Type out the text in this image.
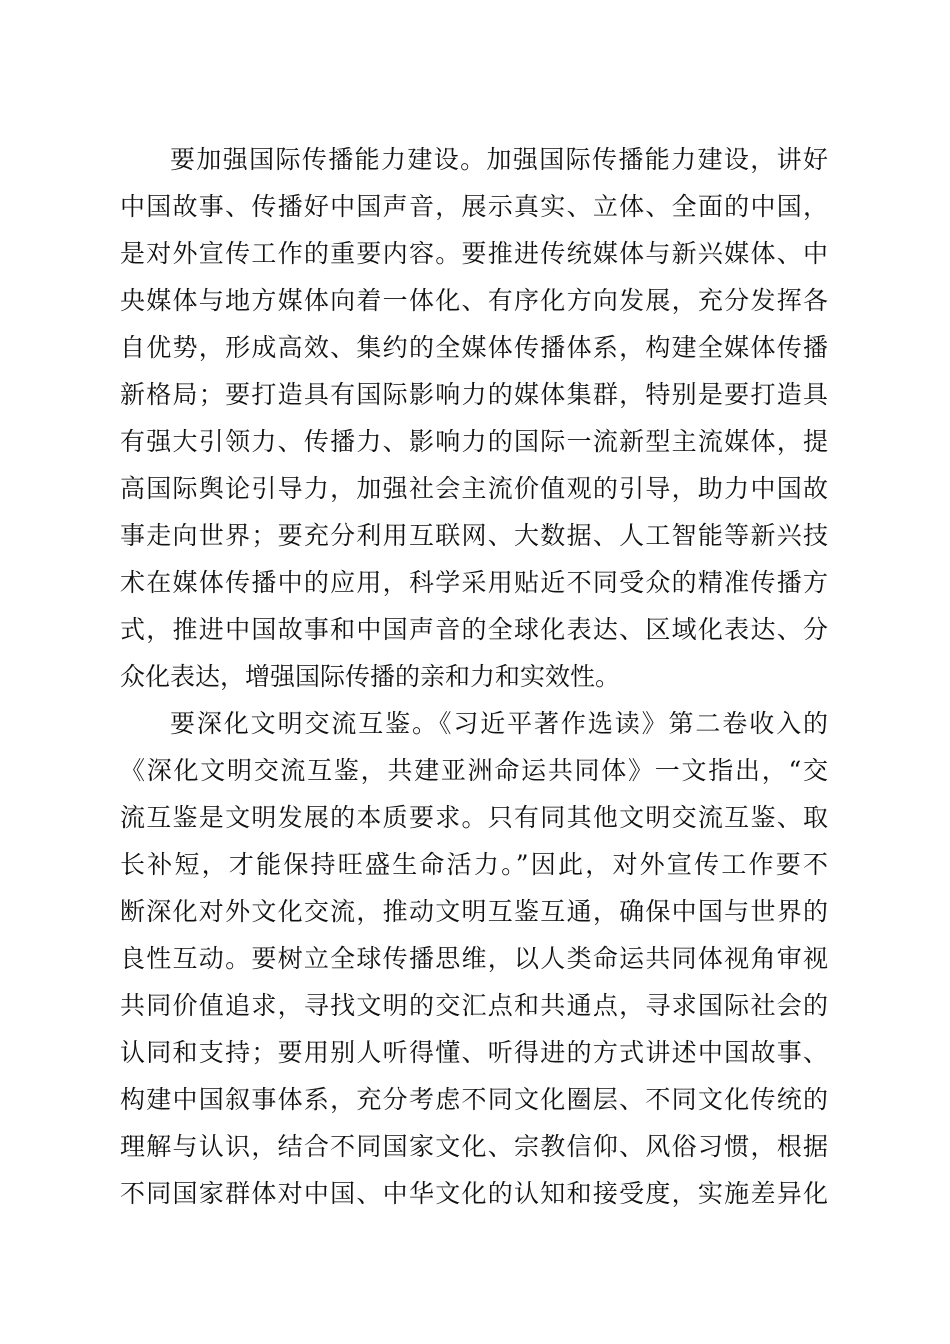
要加强国际传播能力建设。加强国际传播能力建设，讲好
中国故事、传播好中国声音，展示真实、立体、全面的中国，
是对外宣传工作的重要内容。要推进传统媒体与新兴媒体、中
央媒体与地方媒体向着一体化、有序化方向发展，充分发挥各
自优势，形成高效、集约的全媒体传播体系，构建全媒体传播
新格局；要打造具有国际影响力的媒体集群，特别是要打造具
有强大引领力、传播力、影响力的国际一流新型主流媒体，提
高国际舆论引导力，加强社会主流价值观的引导，助力中国故
事走向世界；要充分利用互联网、大数据、人工智能等新兴技
术在媒体传播中的应用，科学采用贴近不同受众的精准传播方
式，推进中国故事和中国声音的全球化表达、区域化表达、分
众化表达，增强国际传播的亲和力和实效性。
要深化文明交流互鉴。《习近平著作选读》第二卷收入的
《深化文明交流互鉴，共建亚洲命运共同体》一文指出，“交
流互鉴是文明发展的本质要求。只有同其他文明交流互鉴、取
长补短，才能保持旺盛生命活力。”因此，对外宣传工作要不
断深化对外文化交流，推动文明互鉴互通，确保中国与世界的
良性互动。要树立全球传播思维，以人类命运共同体视角审视
共同价值追求，寻找文明的交汇点和共通点，寻求国际社会的
认同和支持；要用别人听得懂、听得进的方式讲述中国故事、
构建中国叙事体系，充分考虑不同文化圈层、不同文化传统的
理解与认识，结合不同国家文化、宗教信仰、风俗习惯，根据
不同国家群体对中国、中华文化的认知和接受度，实施差异化
